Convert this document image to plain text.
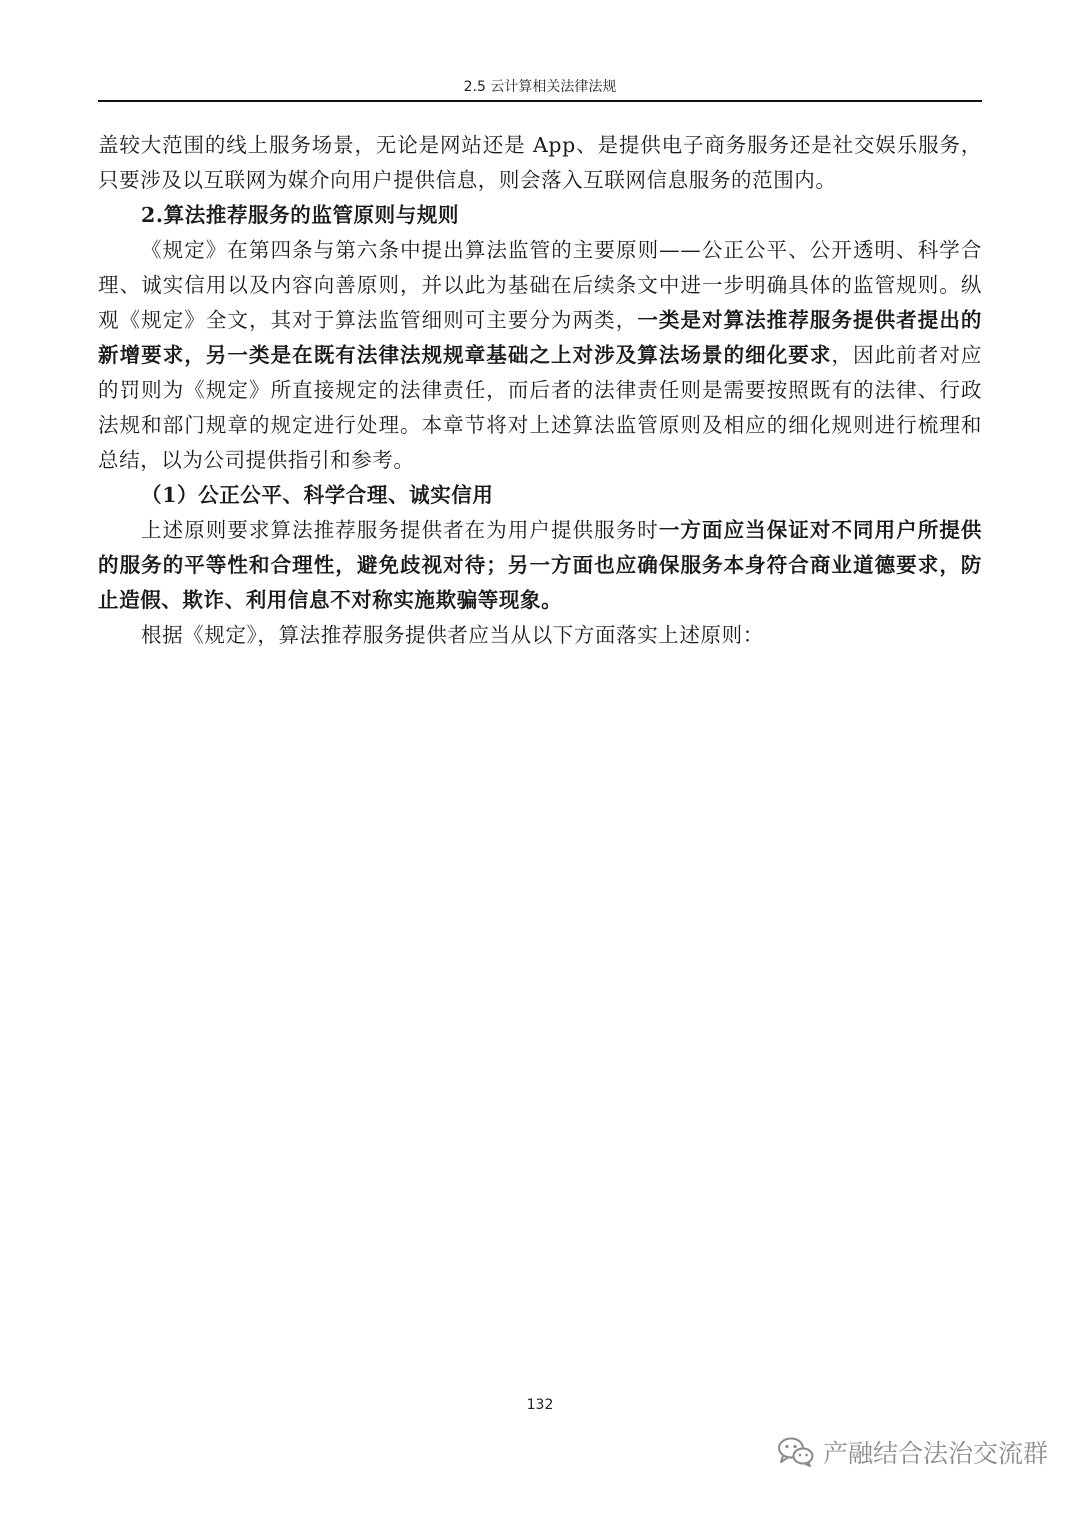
2.5 云计算相关法律法规

盖较大范围的线上服务场景，无论是网站还是 App、是提供电子商务服务还是社交娱乐服务，只要涉及以互联网为媒介向用户提供信息，则会落入互联网信息服务的范围内。

2.算法推荐服务的监管原则与规则

《规定》在第四条与第六条中提出算法监管的主要原则——公正公平、公开透明、科学合理、诚实信用以及内容向善原则，并以此为基础在后续条文中进一步明确具体的监管规则。纵观《规定》全文，其对于算法监管细则可主要分为两类，一类是对算法推荐服务提供者提出的新增要求，另一类是在既有法律法规规章基础之上对涉及算法场景的细化要求，因此前者对应的罚则为《规定》所直接规定的法律责任，而后者的法律责任则是需要按照既有的法律、行政法规和部门规章的规定进行处理。本章节将对上述算法监管原则及相应的细化规则进行梳理和总结，以为公司提供指引和参考。

（1）公正公平、科学合理、诚实信用

上述原则要求算法推荐服务提供者在为用户提供服务时一方面应当保证对不同用户所提供的服务的平等性和合理性，避免歧视对待；另一方面也应确保服务本身符合商业道德要求，防止造假、欺诈、利用信息不对称实施欺骗等现象。

根据《规定》，算法推荐服务提供者应当从以下方面落实上述原则：

132
产融结合法治交流群
